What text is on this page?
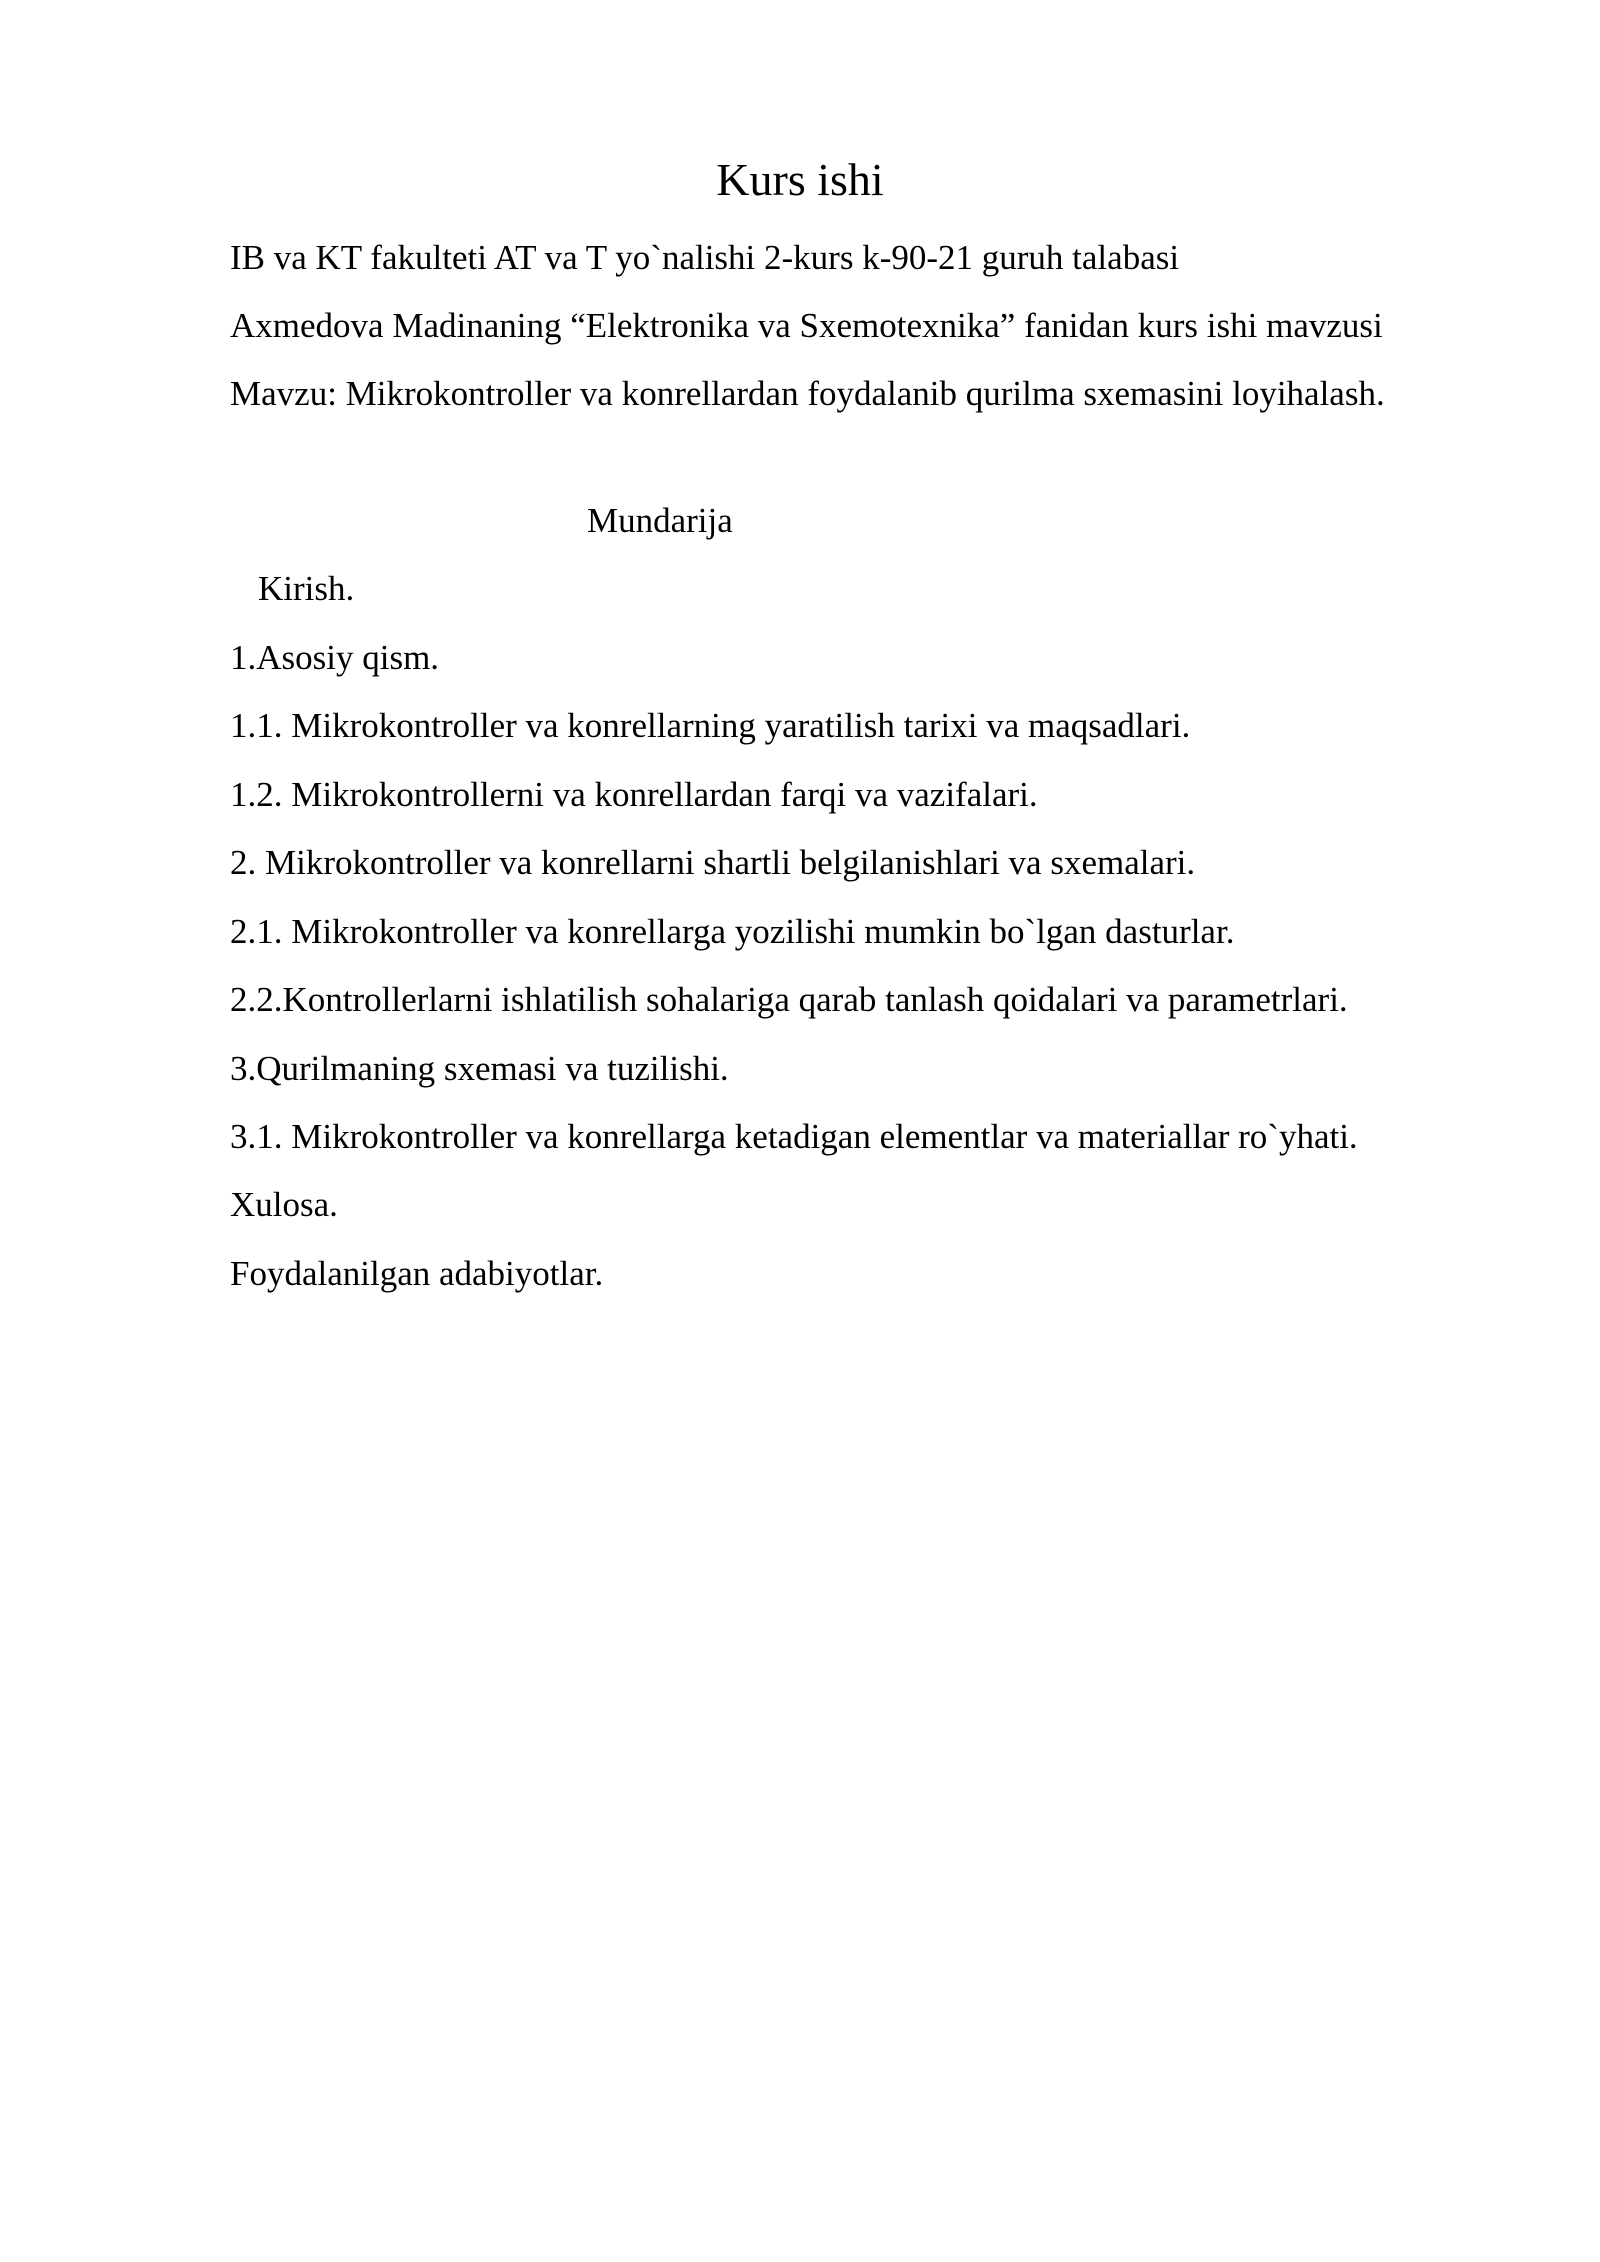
Kurs ishi

IB va KT fakulteti AT va T yo`nalishi 2-kurs k-90-21 guruh talabasi

Axmedova Madinaning “Elektronika va Sxemotexnika” fanidan kurs ishi mavzusi

Mavzu: Mikrokontroller va konrellardan foydalanib qurilma sxemasini loyihalash.

Mundarija

Kirish.

1.Asosiy qism.

1.1. Mikrokontroller va konrellarning yaratilish tarixi va maqsadlari.

1.2. Mikrokontrollerni va konrellardan farqi va vazifalari.

2. Mikrokontroller va konrellarni shartli belgilanishlari va sxemalari.

2.1. Mikrokontroller va konrellarga yozilishi mumkin bo`lgan dasturlar.

2.2.Kontrollerlarni ishlatilish sohalariga qarab tanlash qoidalari va parametrlari.

3.Qurilmaning sxemasi va tuzilishi.

3.1. Mikrokontroller va konrellarga ketadigan elementlar va materiallar ro`yhati.

Xulosa.

Foydalanilgan adabiyotlar.
